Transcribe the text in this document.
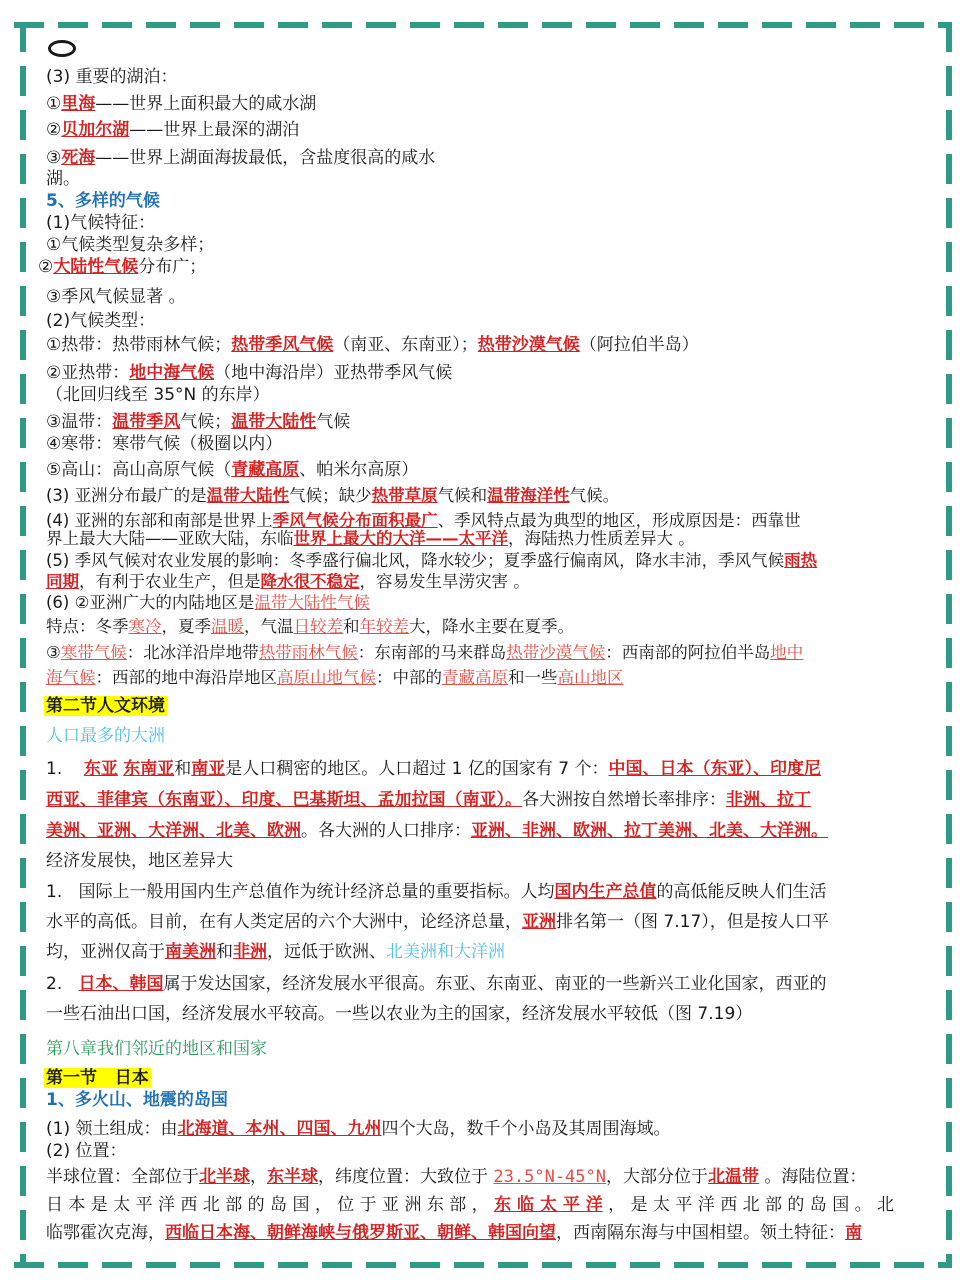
(3) 重要的湖泊：
①里海——世界上面积最大的咸水湖
②贝加尔湖——世界上最深的湖泊
③死海——世界上湖面海拔最低，含盐度很高的咸水
湖。
5、多样的气候
(1)气候特征：
①气候类型复杂多样；
②大陆性气候分布广；
③季风气候显著 。
(2)气候类型：
①热带：热带雨林气候；热带季风气候（南亚、东南亚）；热带沙漠气候（阿拉伯半岛）
②亚热带：地中海气候（地中海沿岸）亚热带季风气候
（北回归线至 35°N 的东岸）
③温带：温带季风气候；温带大陆性气候
④寒带：寒带气候（极圈以内）
⑤高山：高山高原气候（青藏高原、帕米尔高原）
(3) 亚洲分布最广的是温带大陆性气候；缺少热带草原气候和温带海洋性气候。
(4) 亚洲的东部和南部是世界上季风气候分布面积最广、季风特点最为典型的地区，形成原因是：西靠世
界上最大大陆——亚欧大陆，东临世界上最大的大洋——太平洋，海陆热力性质差异大 。
(5) 季风气候对农业发展的影响：冬季盛行偏北风，降水较少；夏季盛行偏南风，降水丰沛，季风气候雨热
同期，有利于农业生产，但是降水很不稳定，容易发生旱涝灾害 。
(6) ②亚洲广大的内陆地区是温带大陆性气候
特点：冬季寒冷，夏季温暖，气温日较差和年较差大，降水主要在夏季。
③寒带气候：北冰洋沿岸地带热带雨林气候：东南部的马来群岛热带沙漠气候：西南部的阿拉伯半岛地中
海气候：西部的地中海沿岸地区高原山地气候：中部的青藏高原和一些高山地区
第二节人文环境
人口最多的大洲
1. 东亚 东南亚和南亚是人口稠密的地区。人口超过 1 亿的国家有 7 个：中国、日本（东亚）、印度尼
西亚、菲律宾（东南亚）、印度、巴基斯坦、孟加拉国（南亚）。各大洲按自然增长率排序：非洲、拉丁
美洲、亚洲、大洋洲、北美、欧洲。各大洲的人口排序：亚洲、非洲、欧洲、拉丁美洲、北美、大洋洲。
经济发展快，地区差异大
1. 国际上一般用国内生产总值作为统计经济总量的重要指标。人均国内生产总值的高低能反映人们生活
水平的高低。目前，在有人类定居的六个大洲中，论经济总量，亚洲排名第一（图 7.17），但是按人口平
均，亚洲仅高于南美洲和非洲，远低于欧洲、北美洲和大洋洲
2. 日本、韩国属于发达国家，经济发展水平很高。东亚、东南亚、南亚的一些新兴工业化国家，西亚的
一些石油出口国，经济发展水平较高。一些以农业为主的国家，经济发展水平较低（图 7.19）
第八章我们邻近的地区和国家
第一节   日本
1、多火山、地震的岛国
(1) 领土组成：由北海道、本州、四国、九州四个大岛，数千个小岛及其周围海域。
(2) 位置：
半球位置：全部位于北半球，东半球，纬度位置：大致位于 23.5°N-45°N，大部分位于北温带 。海陆位置：
日 本 是 太 平 洋 西 北 部 的 岛 国 ， 位 于 亚 洲 东 部 ， 东 临 太 平 洋 ， 是 太 平 洋 西 北 部 的 岛 国 。 北
临鄂霍次克海，西临日本海、朝鲜海峡与俄罗斯亚、朝鲜、韩国向望，西南隔东海与中国相望。领土特征：南
